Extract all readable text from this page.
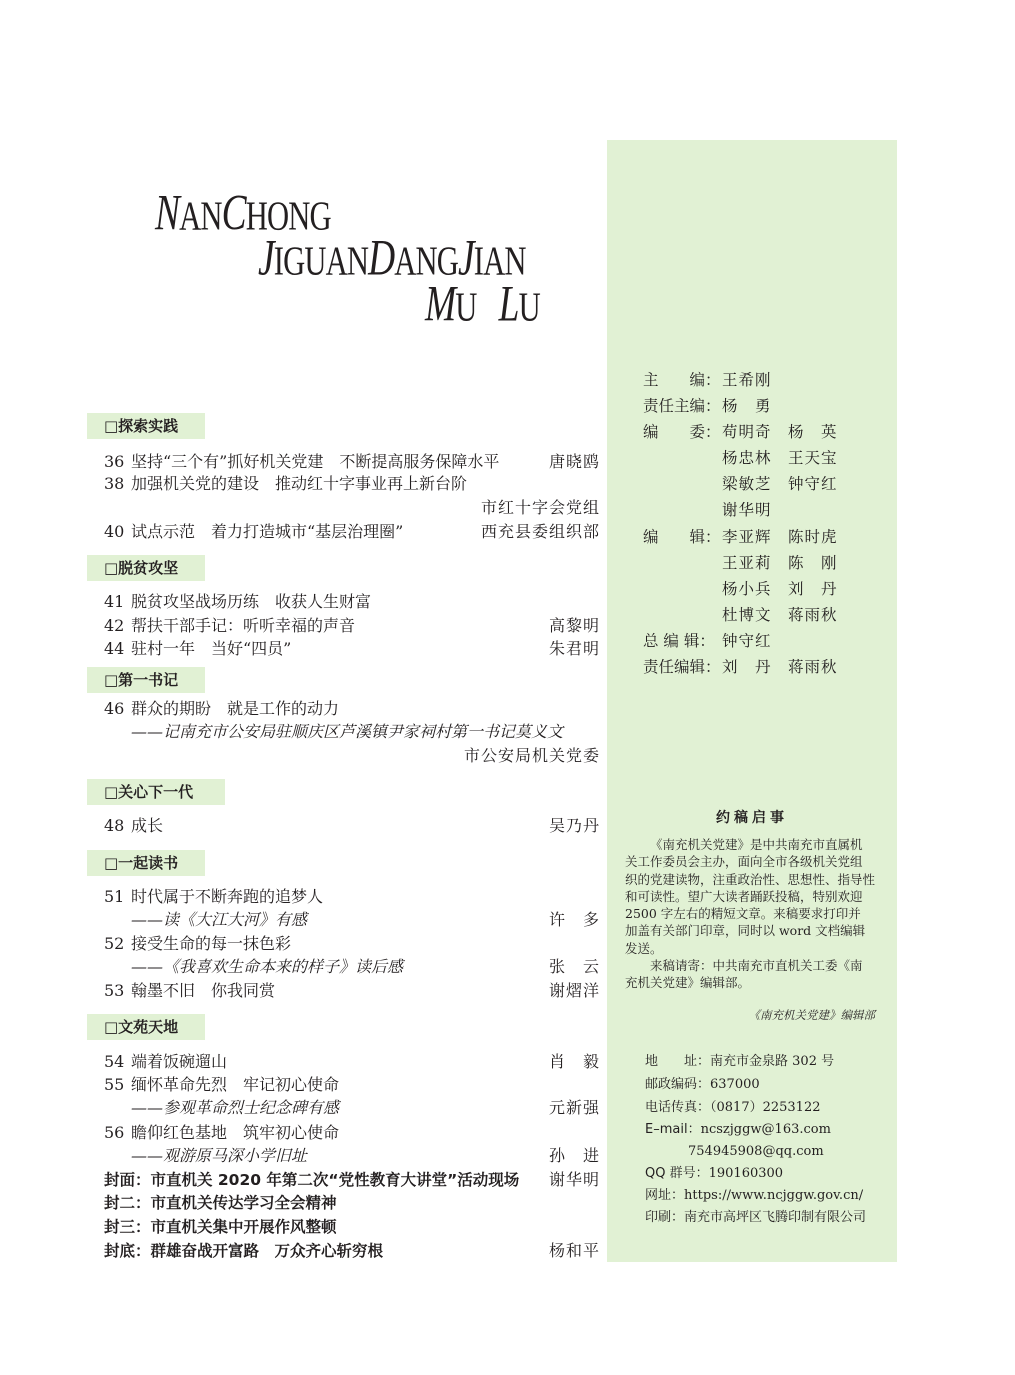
NANCHONG
JIGUANDANGJIAN
MU LU
□探索实践
36 坚持“三个有”抓好机关党建　不断提高服务保障水平	唐晓鸥
38 加强机关党的建设　推动红十字事业再上新台阶
市红十字会党组
40 试点示范　着力打造城市“基层治理圈”	西充县委组织部
□脱贫攻坚
41 脱贫攻坚战场历练　收获人生财富
42 帮扶干部手记：听听幸福的声音	高黎明
44 驻村一年　当好“四员”	朱君明
□第一书记
46 群众的期盼　就是工作的动力
——记南充市公安局驻顺庆区芦溪镇尹家祠村第一书记莫义文
市公安局机关党委
□关心下一代
48 成长	吴乃丹
□一起读书
51 时代属于不断奔跑的追梦人
——读《大江大河》有感	许　多
52 接受生命的每一抹色彩
——《我喜欢生命本来的样子》读后感	张　云
53 翰墨不旧　你我同赏	谢熠洋
□文苑天地
54 端着饭碗遛山	肖　毅
55 缅怀革命先烈　牢记初心使命
——参观革命烈士纪念碑有感	元新强
56 瞻仰红色基地　筑牢初心使命
——观游原马深小学旧址	孙　进
封面：市直机关 2020 年第二次“党性教育大讲堂”活动现场 谢华明
封二：市直机关传达学习全会精神
封三：市直机关集中开展作风整顿
封底：群雄奋战开富路　万众齐心斩穷根	杨和平
主　　编： 王希刚
责任主编： 杨　勇
编　　委： 苟明奇　杨　英
杨忠林　王天宝
梁敏芝　钟守红
谢华明
编　　辑： 李亚辉　陈时虎
王亚莉　陈　刚
杨小兵　刘　丹
杜博文　蒋雨秋
总 编 辑： 钟守红
责任编辑： 刘　丹　蒋雨秋
约稿启事
《南充机关党建》是中共南充市直属机
关工作委员会主办，面向全市各级机关党组
织的党建读物，注重政治性、思想性、指导性
和可读性。望广大读者踊跃投稿，特别欢迎
2500 字左右的精短文章。来稿要求打印并
加盖有关部门印章，同时以 word 文档编辑
发送。
来稿请寄：中共南充市直机关工委《南
充机关党建》编辑部。
《南充机关党建》编辑部
地　　址：南充市金泉路 302 号
邮政编码：637000
电话传真：（0817）2253122
E–mail：ncszjggw@163.com
754945908@qq.com
QQ 群号：190160300
网址：https://www.ncjggw.gov.cn/
印刷：南充市高坪区飞腾印制有限公司
